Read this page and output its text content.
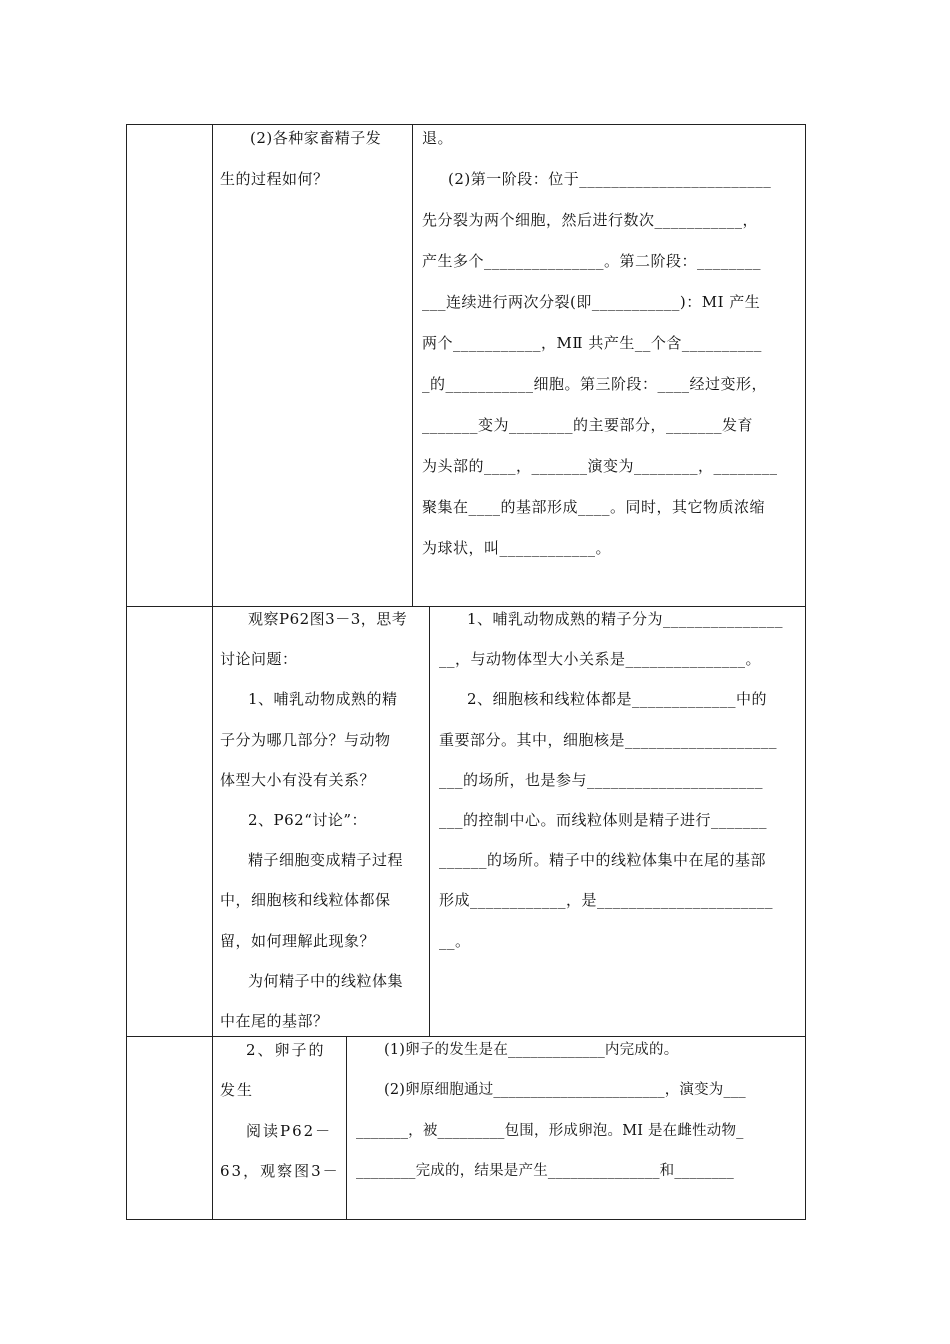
(2)各种家畜精子发
生的过程如何？
退。
(2)第一阶段：位于________________________
先分裂为两个细胞，然后进行数次___________，
产生多个_______________。第二阶段：________
___连续进行两次分裂(即___________)：MⅠ 产生
两个___________，MⅡ 共产生__个含__________
_的___________细胞。第三阶段：____经过变形，
_______变为________的主要部分，_______发育
为头部的____，_______演变为________，________
聚集在____的基部形成____。同时，其它物质浓缩
为球状，叫____________。
观察P62图3－3，思考
讨论问题：
1、哺乳动物成熟的精
子分为哪几部分？与动物
体型大小有没有关系？
2、P62“讨论”：
精子细胞变成精子过程
中，细胞核和线粒体都保
留，如何理解此现象？
为何精子中的线粒体集
中在尾的基部？
1、哺乳动物成熟的精子分为_______________
__，与动物体型大小关系是_______________。
2、细胞核和线粒体都是_____________中的
重要部分。其中，细胞核是___________________
___的场所，也是参与______________________
___的控制中心。而线粒体则是精子进行_______
______的场所。精子中的线粒体集中在尾的基部
形成____________，是______________________
__。
2、卵子的
发生
阅读P62－
63，观察图3－
(1)卵子的发生是在_____________内完成的。
(2)卵原细胞通过_______________________，演变为___
_______，被_________包围，形成卵泡。MⅠ 是在雌性动物_
________完成的，结果是产生_______________和________
